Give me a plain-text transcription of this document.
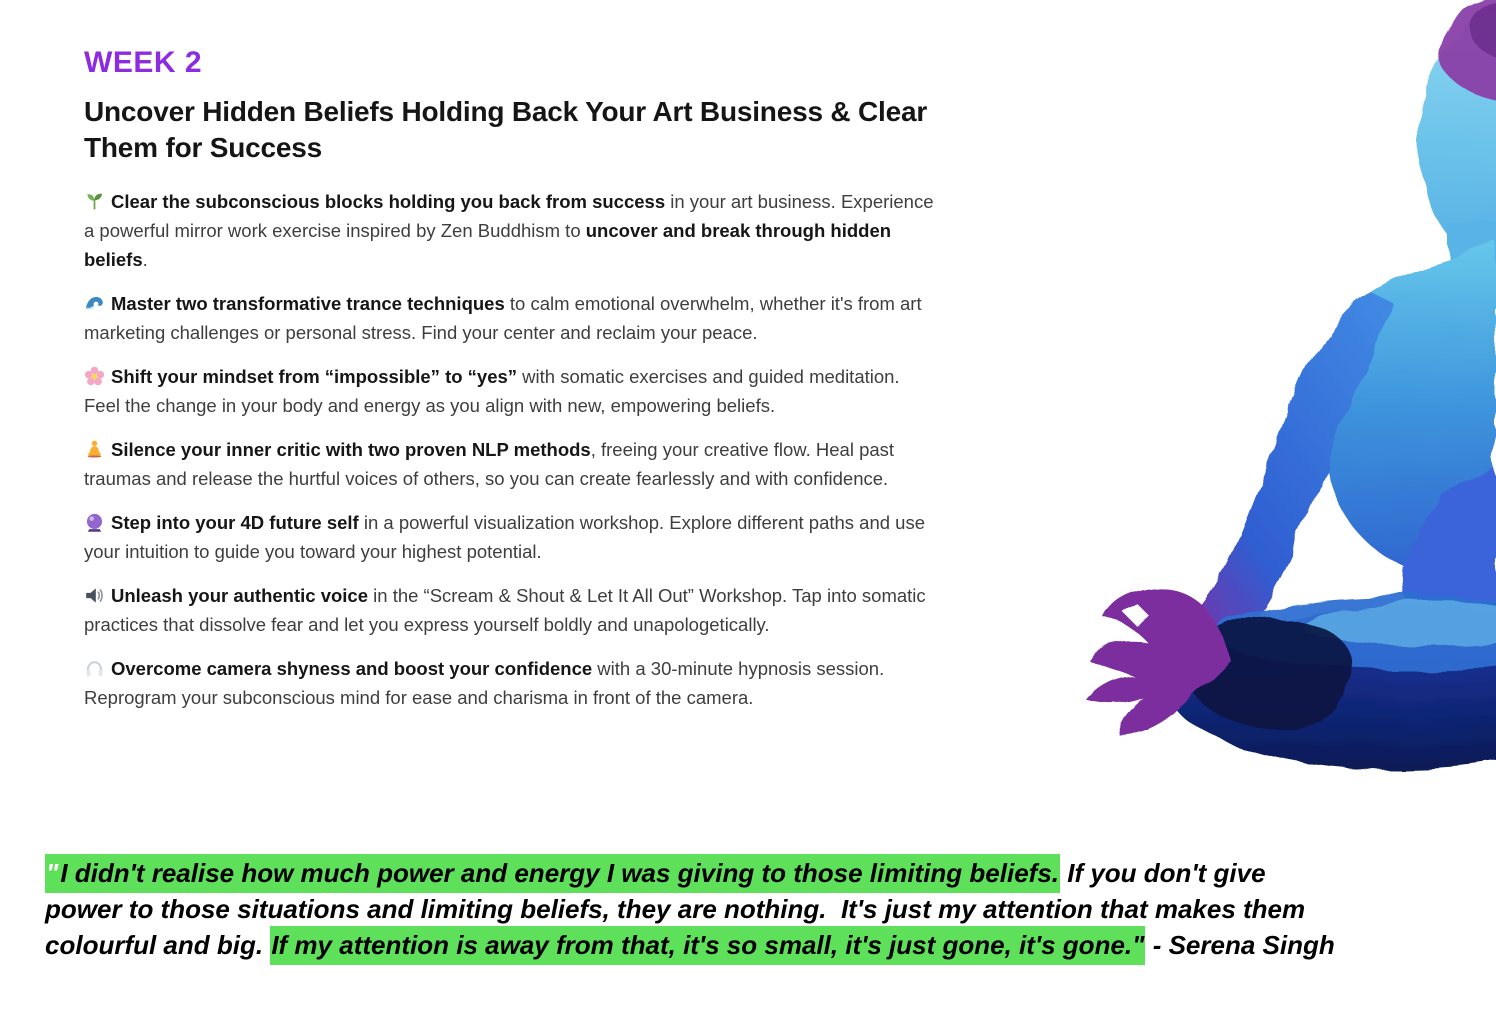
WEEK 2
Uncover Hidden Beliefs Holding Back Your Art Business & Clear Them for Success
Clear the subconscious blocks holding you back from success in your art business. Experience a powerful mirror work exercise inspired by Zen Buddhism to uncover and break through hidden beliefs.
Master two transformative trance techniques to calm emotional overwhelm, whether it's from art marketing challenges or personal stress. Find your center and reclaim your peace.
Shift your mindset from “impossible” to “yes” with somatic exercises and guided meditation. Feel the change in your body and energy as you align with new, empowering beliefs.
Silence your inner critic with two proven NLP methods, freeing your creative flow. Heal past traumas and release the hurtful voices of others, so you can create fearlessly and with confidence.
Step into your 4D future self in a powerful visualization workshop. Explore different paths and use your intuition to guide you toward your highest potential.
Unleash your authentic voice in the “Scream & Shout & Let It All Out” Workshop. Tap into somatic practices that dissolve fear and let you express yourself boldly and unapologetically.
Overcome camera shyness and boost your confidence with a 30-minute hypnosis session. Reprogram your subconscious mind for ease and charisma in front of the camera.

"I didn't realise how much power and energy I was giving to those limiting beliefs. If you don't give power to those situations and limiting beliefs, they are nothing.  It's just my attention that makes them colourful and big. If my attention is away from that, it's so small, it's just gone, it's gone." - Serena Singh
